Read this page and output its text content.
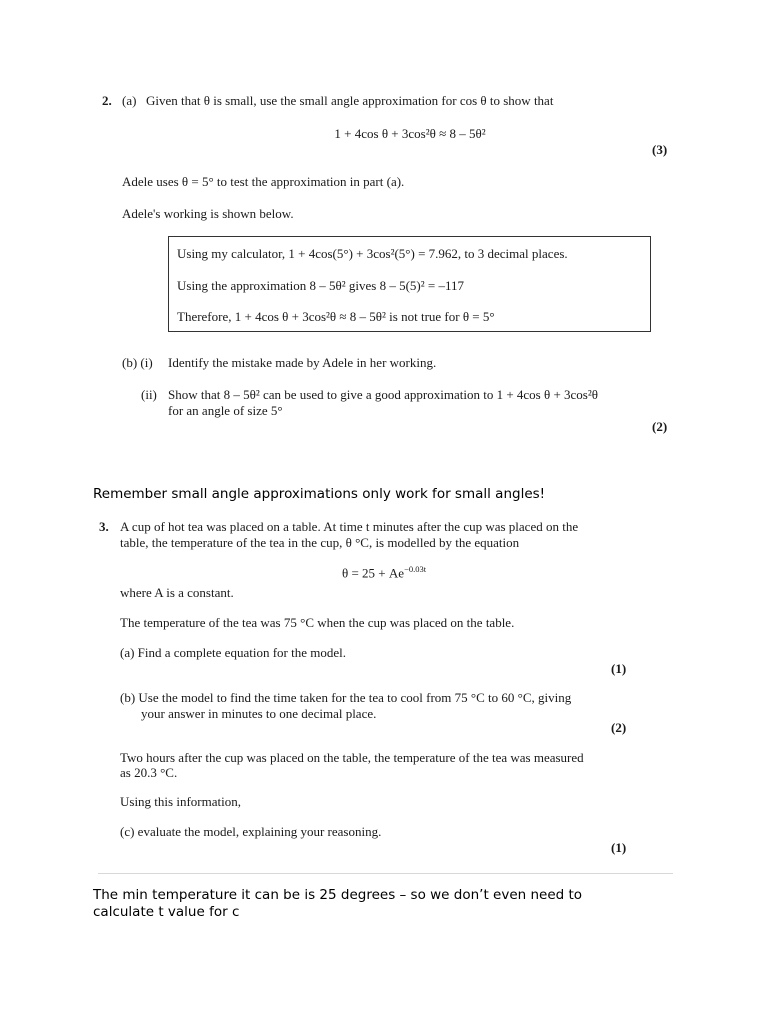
2. (a) Given that θ is small, use the small angle approximation for cos θ to show that
1 + 4cos θ + 3cos²θ ≈ 8 – 5θ²
(3)
Adele uses θ = 5° to test the approximation in part (a).
Adele's working is shown below.
Using my calculator, 1 + 4cos(5°) + 3cos²(5°) = 7.962, to 3 decimal places.
Using the approximation 8 – 5θ² gives 8 – 5(5)² = –117
Therefore, 1 + 4cos θ + 3cos²θ ≈ 8 – 5θ² is not true for θ = 5°
(b) (i) Identify the mistake made by Adele in her working.
(ii) Show that 8 – 5θ² can be used to give a good approximation to 1 + 4cos θ + 3cos²θ
for an angle of size 5°
(2)
Remember small angle approximations only work for small angles!
3. A cup of hot tea was placed on a table. At time t minutes after the cup was placed on the
table, the temperature of the tea in the cup, θ °C, is modelled by the equation
$\theta = 25 + Ae^{-0.03t}$
where A is a constant.
The temperature of the tea was 75 °C when the cup was placed on the table.
(a) Find a complete equation for the model.
(1)
(b) Use the model to find the time taken for the tea to cool from 75 °C to 60 °C, giving
your answer in minutes to one decimal place.
(2)
Two hours after the cup was placed on the table, the temperature of the tea was measured
as 20.3 °C.
Using this information,
(c) evaluate the model, explaining your reasoning.
(1)
The min temperature it can be is 25 degrees – so we don’t even need to
calculate t value for c
